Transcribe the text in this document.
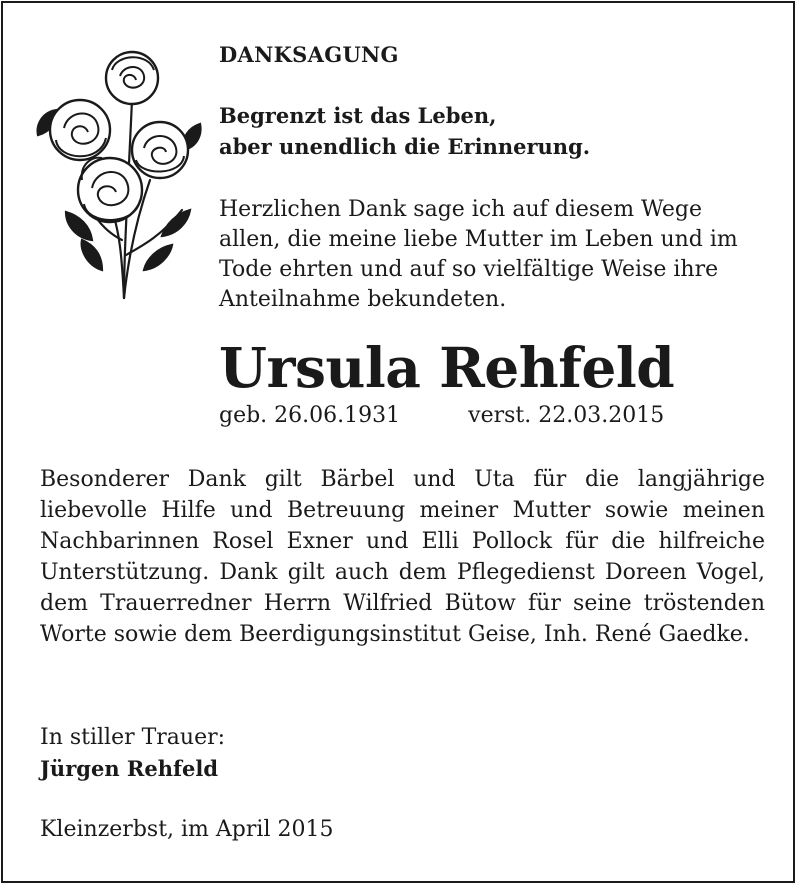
DANKSAGUNG
Begrenzt ist das Leben,
aber unendlich die Erinnerung.
Herzlichen Dank sage ich auf diesem Wege allen, die meine liebe Mutter im Leben und im Tode ehrten und auf so vielfältige Weise ihre Anteilnahme bekundeten.
Ursula Rehfeld
geb. 26.06.1931	verst. 22.03.2015
Besonderer Dank gilt Bärbel und Uta für die langjährige liebevolle Hilfe und Betreuung meiner Mutter sowie meinen Nachbarinnen Rosel Exner und Elli Pollock für die hilfreiche Unterstützung. Dank gilt auch dem Pflegedienst Doreen Vogel, dem Trauerredner Herrn Wilfried Bütow für seine tröstenden Worte sowie dem Beerdigungsinstitut Geise, Inh. René Gaedke.
In stiller Trauer:
Jürgen Rehfeld
Kleinzerbst, im April 2015
